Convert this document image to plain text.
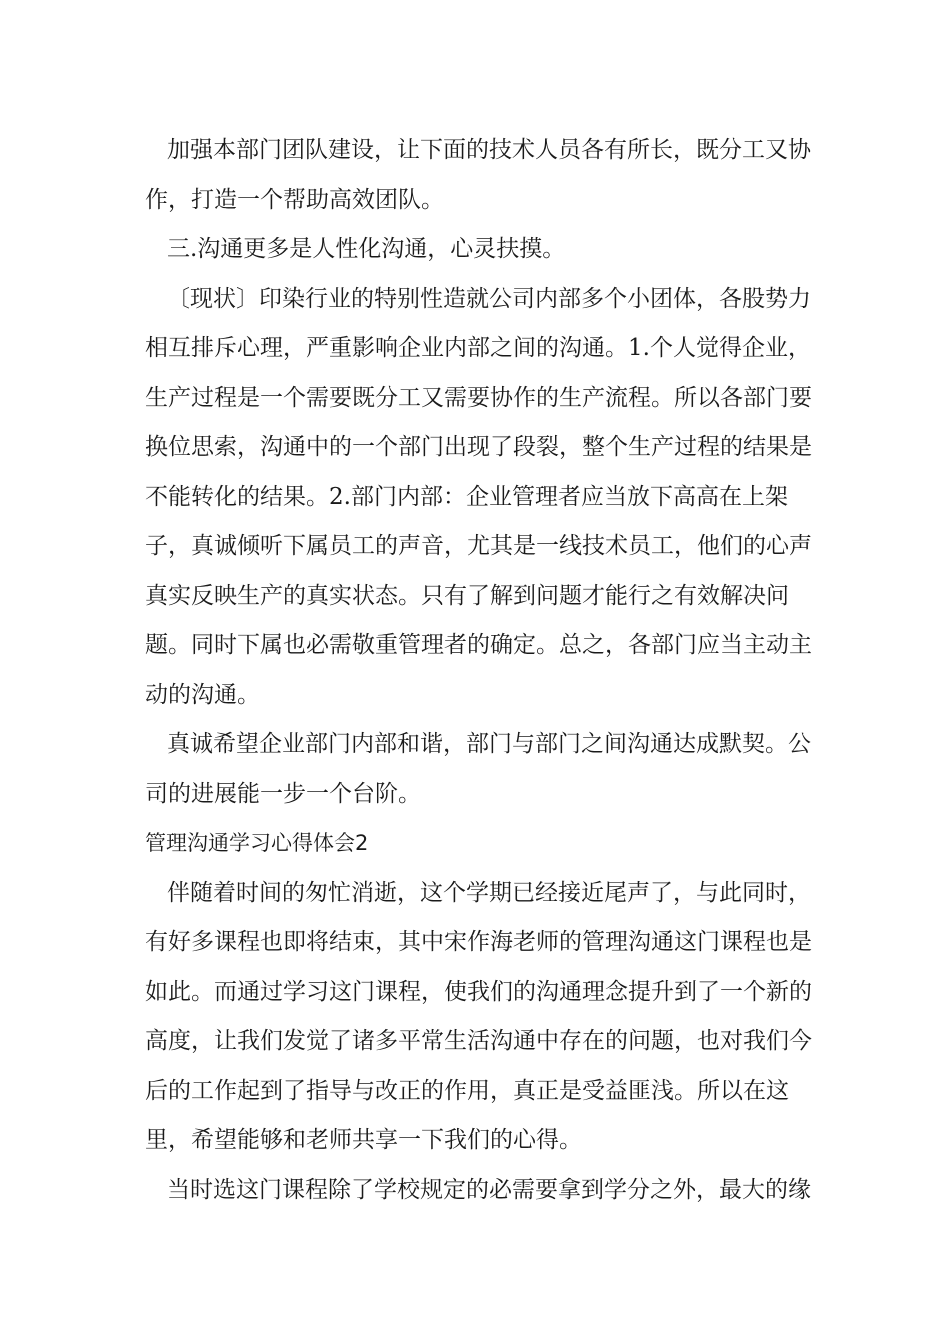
加强本部门团队建设，让下面的技术人员各有所长，既分工又协作，打造一个帮助高效团队。

三.沟通更多是人性化沟通，心灵扶摸。

〔现状〕印染行业的特别性造就公司内部多个小团体，各股势力相互排斥心理，严重影响企业内部之间的沟通。1.个人觉得企业，生产过程是一个需要既分工又需要协作的生产流程。所以各部门要换位思索，沟通中的一个部门出现了段裂，整个生产过程的结果是不能转化的结果。2.部门内部：企业管理者应当放下高高在上架子，真诚倾听下属员工的声音，尤其是一线技术员工，他们的心声真实反映生产的真实状态。只有了解到问题才能行之有效解决问题。同时下属也必需敬重管理者的确定。总之，各部门应当主动主动的沟通。

真诚希望企业部门内部和谐，部门与部门之间沟通达成默契。公司的进展能一步一个台阶。

管理沟通学习心得体会2

伴随着时间的匆忙消逝，这个学期已经接近尾声了，与此同时，有好多课程也即将结束，其中宋作海老师的管理沟通这门课程也是如此。而通过学习这门课程，使我们的沟通理念提升到了一个新的高度，让我们发觉了诸多平常生活沟通中存在的问题，也对我们今后的工作起到了指导与改正的作用，真正是受益匪浅。所以在这里，希望能够和老师共享一下我们的心得。

当时选这门课程除了学校规定的必需要拿到学分之外，最大的缘
